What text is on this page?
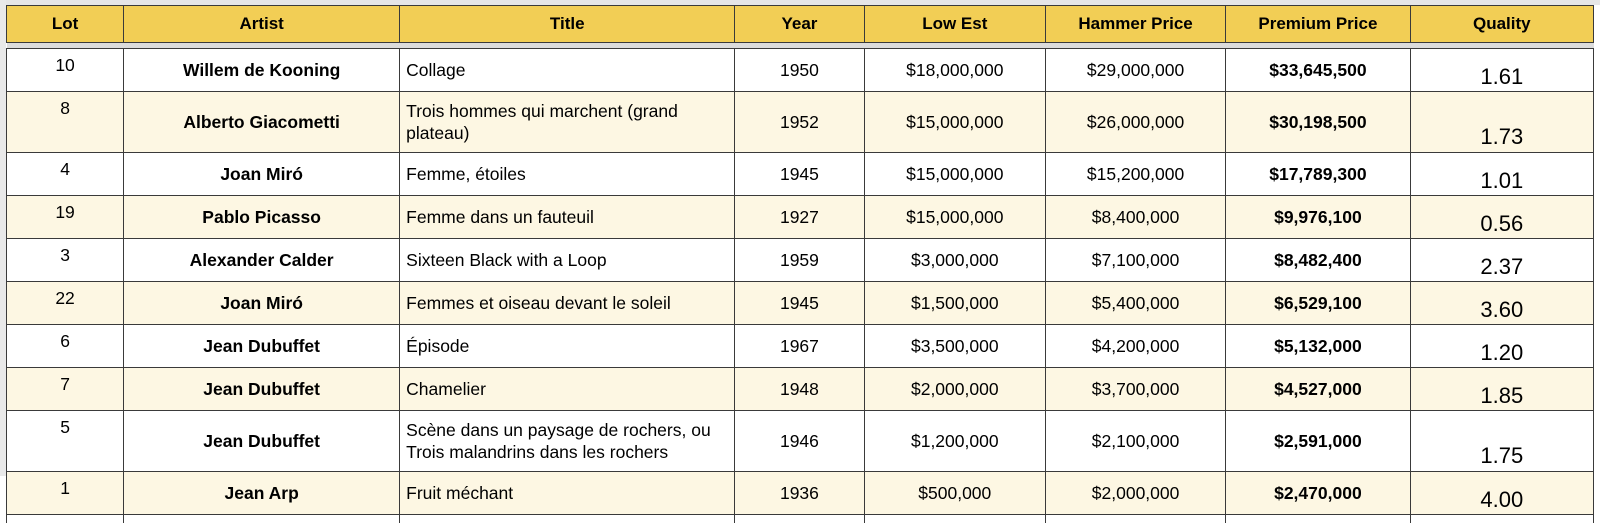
Lot	Artist	Title	Year	Low Est	Hammer Price	Premium Price	Quality

10	Willem de Kooning	Collage	1950	$18,000,000	$29,000,000	$33,645,500	1.61
8	Alberto Giacometti	Trois hommes qui marchent (grand plateau)	1952	$15,000,000	$26,000,000	$30,198,500	1.73
4	Joan Miró	Femme, étoiles	1945	$15,000,000	$15,200,000	$17,789,300	1.01
19	Pablo Picasso	Femme dans un fauteuil	1927	$15,000,000	$8,400,000	$9,976,100	0.56
3	Alexander Calder	Sixteen Black with a Loop	1959	$3,000,000	$7,100,000	$8,482,400	2.37
22	Joan Miró	Femmes et oiseau devant le soleil	1945	$1,500,000	$5,400,000	$6,529,100	3.60
6	Jean Dubuffet	Épisode	1967	$3,500,000	$4,200,000	$5,132,000	1.20
7	Jean Dubuffet	Chamelier	1948	$2,000,000	$3,700,000	$4,527,000	1.85
5	Jean Dubuffet	Scène dans un paysage de rochers, ou Trois malandrins dans les rochers	1946	$1,200,000	$2,100,000	$2,591,000	1.75
1	Jean Arp	Fruit méchant	1936	$500,000	$2,000,000	$2,470,000	4.00
